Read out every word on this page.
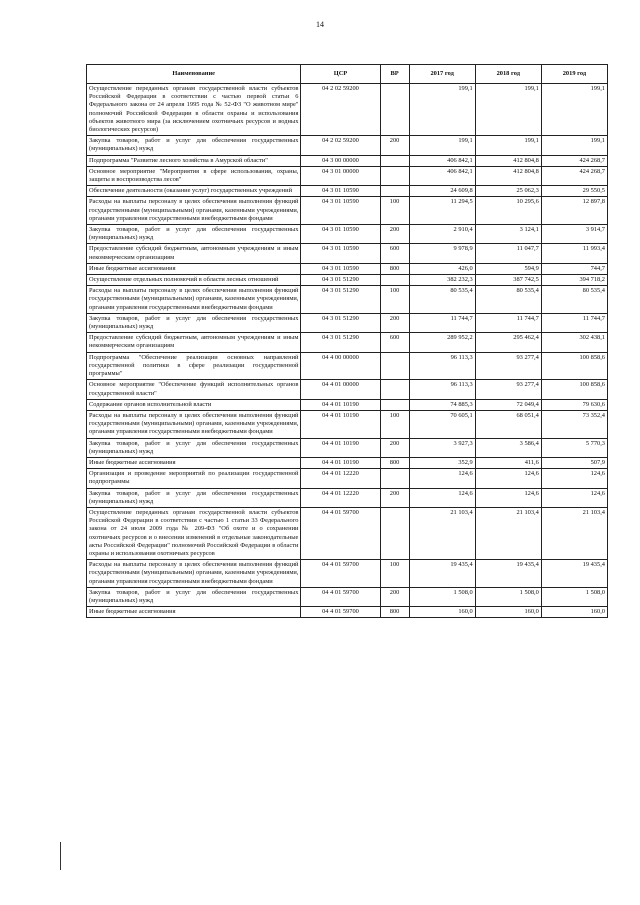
14
Наименование	ЦСР	ВР	2017 год	2018 год	2019 год
Осуществление переданных органам государственной власти субъектов Российской Федерации в соответствии с частью первой статьи 6 Федерального закона от 24 апреля 1995 года № 52-ФЗ "О животном мире" полномочий Российской Федерации в области охраны и использования объектов животного мира (за исключением охотничьих ресурсов и водных биологических ресурсов)	04 2 02 59200		199,1	199,1	199,1
Закупка товаров, работ и услуг для обеспечения государственных (муниципальных) нужд	04 2 02 59200	200	199,1	199,1	199,1
Подпрограмма "Развитие лесного хозяйства в Амурской области"	04 3 00 00000		406 842,1	412 804,8	424 268,7
Основное мероприятие "Мероприятия в сфере использования, охраны, защиты и воспроизводства лесов"	04 3 01 00000		406 842,1	412 804,8	424 268,7
Обеспечение деятельности (оказание услуг) государственных учреждений	04 3 01 10590		24 609,8	25 062,3	29 550,5
Расходы на выплаты персоналу в целях обеспечения выполнения функций государственными (муниципальными) органами, казенными учреждениями, органами управления государственными внебюджетными фондами	04 3 01 10590	100	11 294,5	10 295,6	12 897,8
Закупка товаров, работ и услуг для обеспечения государственных (муниципальных) нужд	04 3 01 10590	200	2 910,4	3 124,1	3 914,7
Предоставление субсидий бюджетным, автономным учреждениям и иным некоммерческим организациям	04 3 01 10590	600	9 978,9	11 047,7	11 993,4
Иные бюджетные ассигнования	04 3 01 10590	800	426,0	594,9	744,7
Осуществление отдельных полномочий в области лесных отношений	04 3 01 51290		382 232,3	387 742,5	394 718,2
Расходы на выплаты персоналу в целях обеспечения выполнения функций государственными (муниципальными) органами, казенными учреждениями, органами управления государственными внебюджетными фондами	04 3 01 51290	100	80 535,4	80 535,4	80 535,4
Закупка товаров, работ и услуг для обеспечения государственных (муниципальных) нужд	04 3 01 51290	200	11 744,7	11 744,7	11 744,7
Предоставление субсидий бюджетным, автономным учреждениям и иным некоммерческим организациям	04 3 01 51290	600	289 952,2	295 462,4	302 438,1
Подпрограмма "Обеспечение реализации основных направлений государственной политики в сфере реализации государственной программы"	04 4 00 00000		96 113,3	93 277,4	100 858,6
Основное мероприятие "Обеспечение функций исполнительных органов государственной власти"	04 4 01 00000		96 113,3	93 277,4	100 858,6
Содержание органов исполнительной власти	04 4 01 10190		74 885,3	72 049,4	79 630,6
Расходы на выплаты персоналу в целях обеспечения выполнения функций государственными (муниципальными) органами, казенными учреждениями, органами управления государственными внебюджетными фондами	04 4 01 10190	100	70 605,1	68 051,4	73 352,4
Закупка товаров, работ и услуг для обеспечения государственных (муниципальных) нужд	04 4 01 10190	200	3 927,3	3 586,4	5 770,3
Иные бюджетные ассигнования	04 4 01 10190	800	352,9	411,6	507,9
Организация и проведение мероприятий по реализации государственной подпрограммы	04 4 01 12220		124,6	124,6	124,6
Закупка товаров, работ и услуг для обеспечения государственных (муниципальных) нужд	04 4 01 12220	200	124,6	124,6	124,6
Осуществление переданных органам государственной власти субъектов Российской Федерации в соответствии с частью 1 статьи 33 Федерального закона от 24 июля 2009 года № 209-ФЗ "Об охоте и о сохранении охотничьих ресурсов и о внесении изменений в отдельные законодательные акты Российской Федерации" полномочий Российской Федерации в области охраны и использования охотничьих ресурсов	04 4 01 59700		21 103,4	21 103,4	21 103,4
Расходы на выплаты персоналу в целях обеспечения выполнения функций государственными (муниципальными) органами, казенными учреждениями, органами управления государственными внебюджетными фондами	04 4 01 59700	100	19 435,4	19 435,4	19 435,4
Закупка товаров, работ и услуг для обеспечения государственных (муниципальных) нужд	04 4 01 59700	200	1 508,0	1 508,0	1 508,0
Иные бюджетные ассигнования	04 4 01 59700	800	160,0	160,0	160,0
